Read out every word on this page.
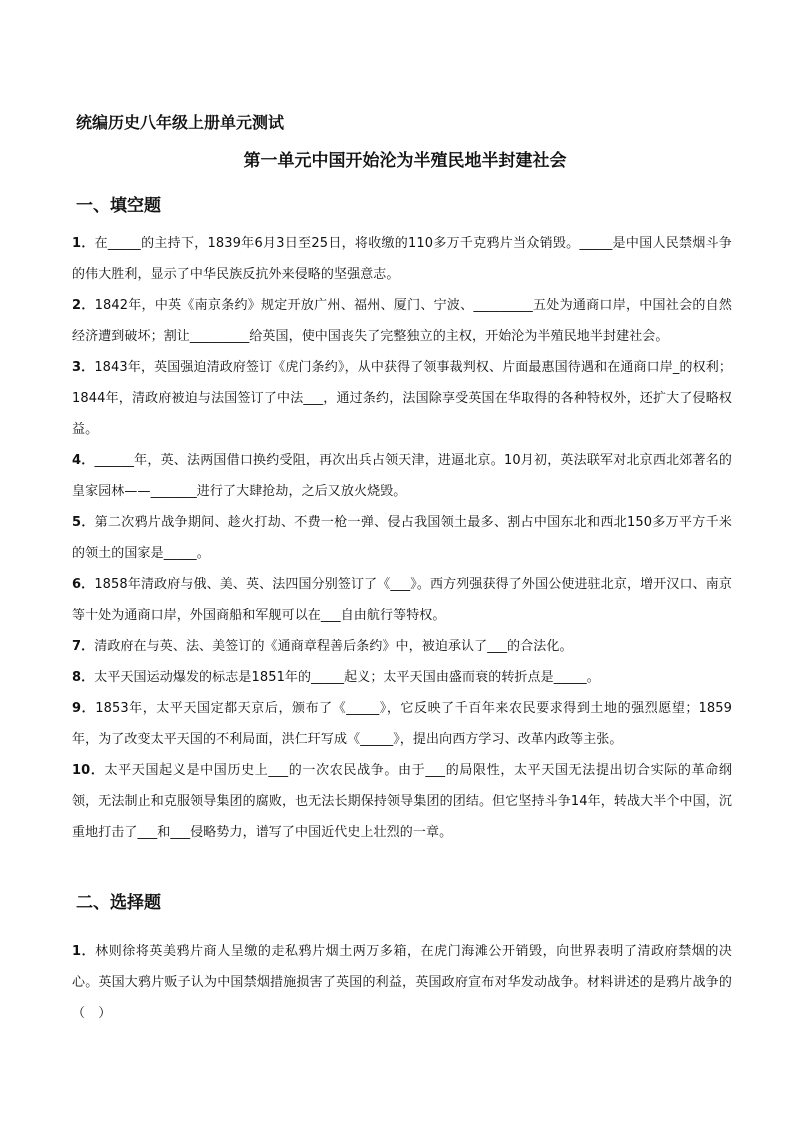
统编历史八年级上册单元测试
第一单元中国开始沦为半殖民地半封建社会
一、填空题

1．在_____的主持下，1839年6月3日至25日，将收缴的110多万千克鸦片当众销毁。_____是中国人民禁烟斗争的伟大胜利，显示了中华民族反抗外来侵略的坚强意志。

2．1842年，中英《南京条约》规定开放广州、福州、厦门、宁波、_________五处为通商口岸，中国社会的自然经济遭到破坏；割让_________给英国，使中国丧失了完整独立的主权，开始沦为半殖民地半封建社会。

3．1843年，英国强迫清政府签订《虎门条约》，从中获得了领事裁判权、片面最惠国待遇和在通商口岸_的权利；1844年，清政府被迫与法国签订了中法___，通过条约，法国除享受英国在华取得的各种特权外，还扩大了侵略权益。

4．______年，英、法两国借口换约受阻，再次出兵占领天津，进逼北京。10月初，英法联军对北京西北郊著名的皇家园林——_______进行了大肆抢劫，之后又放火烧毁。

5．第二次鸦片战争期间、趁火打劫、不费一枪一弹、侵占我国领土最多、割占中国东北和西北150多万平方千米的领土的国家是_____。

6．1858年清政府与俄、美、英、法四国分别签订了《___》。西方列强获得了外国公使进驻北京，增开汉口、南京等十处为通商口岸，外国商船和军舰可以在___自由航行等特权。

7．清政府在与英、法、美签订的《通商章程善后条约》中，被迫承认了___的合法化。

8．太平天国运动爆发的标志是1851年的_____起义；太平天国由盛而衰的转折点是_____。

9．1853年，太平天国定都天京后，颁布了《_____》，它反映了千百年来农民要求得到土地的强烈愿望；1859年，为了改变太平天国的不利局面，洪仁玕写成《_____》，提出向西方学习、改革内政等主张。

10．太平天国起义是中国历史上___的一次农民战争。由于___的局限性，太平天国无法提出切合实际的革命纲领，无法制止和克服领导集团的腐败，也无法长期保持领导集团的团结。但它坚持斗争14年，转战大半个中国，沉重地打击了___和___侵略势力，谱写了中国近代史上壮烈的一章。

二、选择题

1．林则徐将英美鸦片商人呈缴的走私鸦片烟土两万多箱，在虎门海滩公开销毁，向世界表明了清政府禁烟的决心。英国大鸦片贩子认为中国禁烟措施损害了英国的利益，英国政府宣布对华发动战争。材料讲述的是鸦片战争的（　）
